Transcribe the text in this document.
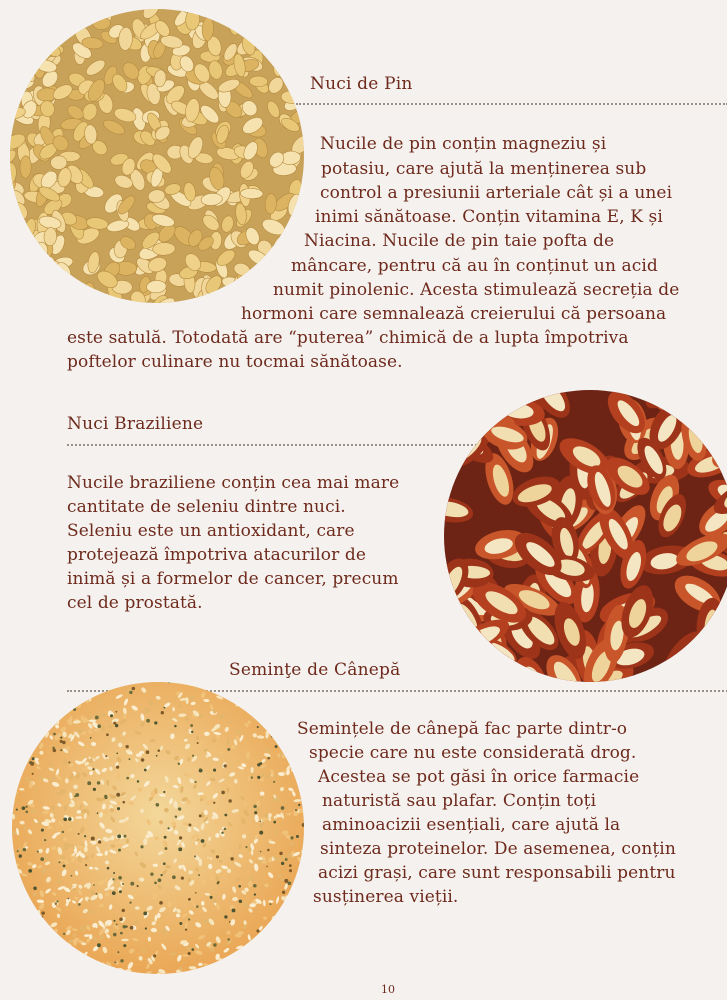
Nuci de Pin
Nucile de pin conțin magneziu și
potasiu, care ajută la menținerea sub
control a presiunii arteriale cât și a unei
inimi sănătoase. Conțin vitamina E, K și
Niacina. Nucile de pin taie pofta de
mâncare, pentru că au în conținut un acid
numit pinolenic. Acesta stimulează secreția de
hormoni care semnalează creierului că persoana
este satulă. Totodată are “puterea” chimică de a lupta împotriva
poftelor culinare nu tocmai sănătoase.
Nuci Braziliene
Nucile braziliene conțin cea mai mare
cantitate de seleniu dintre nuci.
Seleniu este un antioxidant, care
protejează împotriva atacurilor de
inimă și a formelor de cancer, precum
cel de prostată.
Seminţe de Cânepă
Semințele de cânepă fac parte dintr-o
specie care nu este considerată drog.
Acestea se pot găsi în orice farmacie
naturistă sau plafar. Conțin toți
aminoacizii esențiali, care ajută la
sinteza proteinelor. De asemenea, conțin
acizi grași, care sunt responsabili pentru
susținerea vieții.
10
